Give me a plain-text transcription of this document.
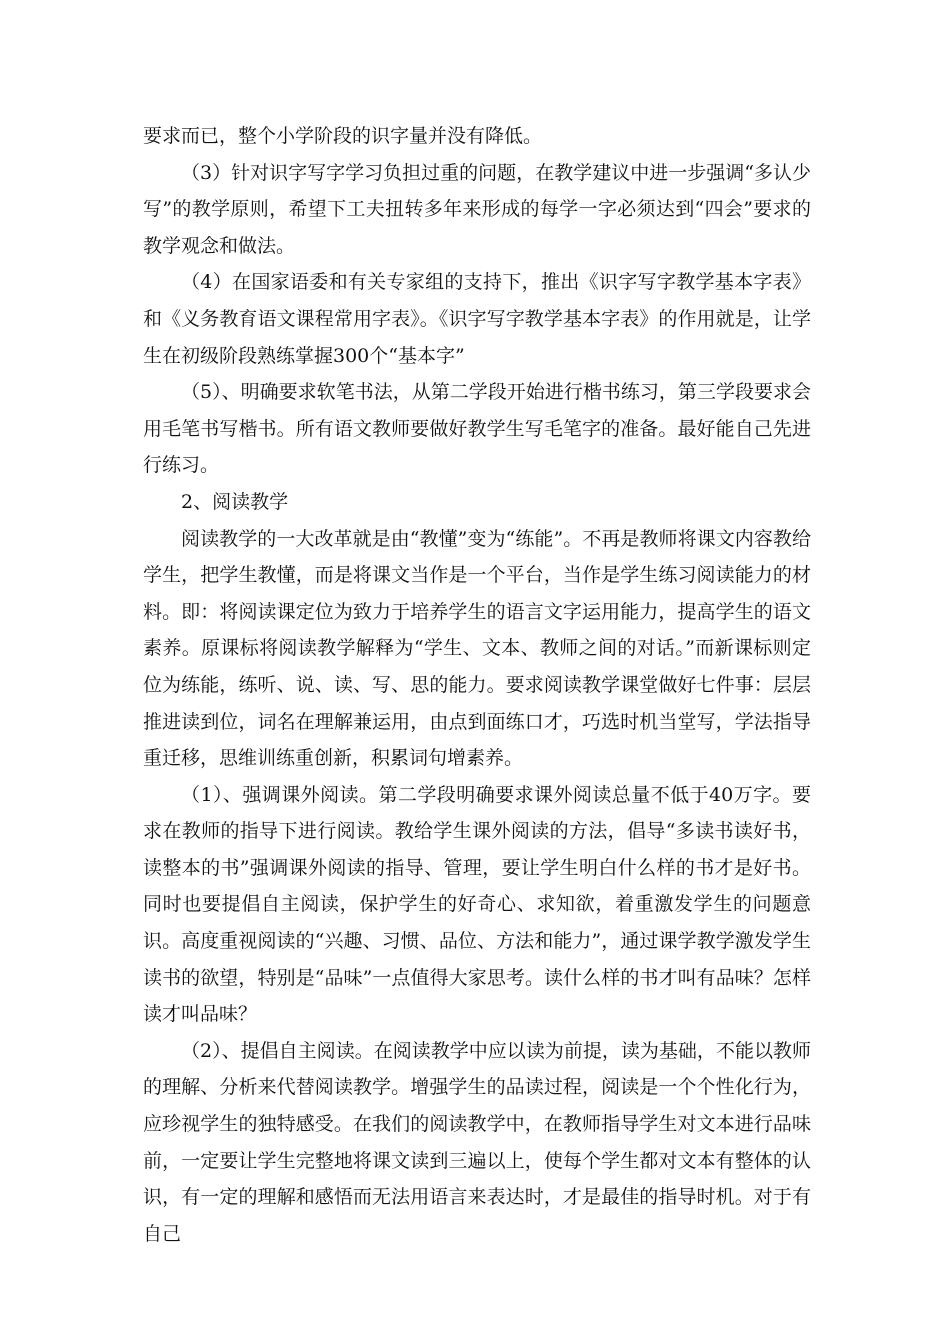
要求而已，整个小学阶段的识字量并没有降低。

（3）针对识字写字学习负担过重的问题，在教学建议中进一步强调“多认少写”的教学原则，希望下工夫扭转多年来形成的每学一字必须达到“四会”要求的教学观念和做法。

（4）在国家语委和有关专家组的支持下，推出《识字写字教学基本字表》和《义务教育语文课程常用字表》。《识字写字教学基本字表》的作用就是，让学生在初级阶段熟练掌握300个“基本字”

（5）、明确要求软笔书法，从第二学段开始进行楷书练习，第三学段要求会用毛笔书写楷书。所有语文教师要做好教学生写毛笔字的准备。最好能自己先进行练习。

2、阅读教学

阅读教学的一大改革就是由“教懂”变为“练能”。不再是教师将课文内容教给学生，把学生教懂，而是将课文当作是一个平台，当作是学生练习阅读能力的材料。即：将阅读课定位为致力于培养学生的语言文字运用能力，提高学生的语文素养。原课标将阅读教学解释为“学生、文本、教师之间的对话。”而新课标则定位为练能，练听、说、读、写、思的能力。要求阅读教学课堂做好七件事：层层推进读到位，词名在理解兼运用，由点到面练口才，巧选时机当堂写，学法指导重迁移，思维训练重创新，积累词句增素养。

（1）、强调课外阅读。第二学段明确要求课外阅读总量不低于40万字。要求在教师的指导下进行阅读。教给学生课外阅读的方法，倡导“多读书读好书，读整本的书”强调课外阅读的指导、管理，要让学生明白什么样的书才是好书。同时也要提倡自主阅读，保护学生的好奇心、求知欲，着重激发学生的问题意识。高度重视阅读的“兴趣、习惯、品位、方法和能力”，通过课学教学激发学生读书的欲望，特别是“品味”一点值得大家思考。读什么样的书才叫有品味？怎样读才叫品味？

（2）、提倡自主阅读。在阅读教学中应以读为前提，读为基础，不能以教师的理解、分析来代替阅读教学。增强学生的品读过程，阅读是一个个性化行为，应珍视学生的独特感受。在我们的阅读教学中，在教师指导学生对文本进行品味前，一定要让学生完整地将课文读到三遍以上，使每个学生都对文本有整体的认识，有一定的理解和感悟而无法用语言来表达时，才是最佳的指导时机。对于有自己
